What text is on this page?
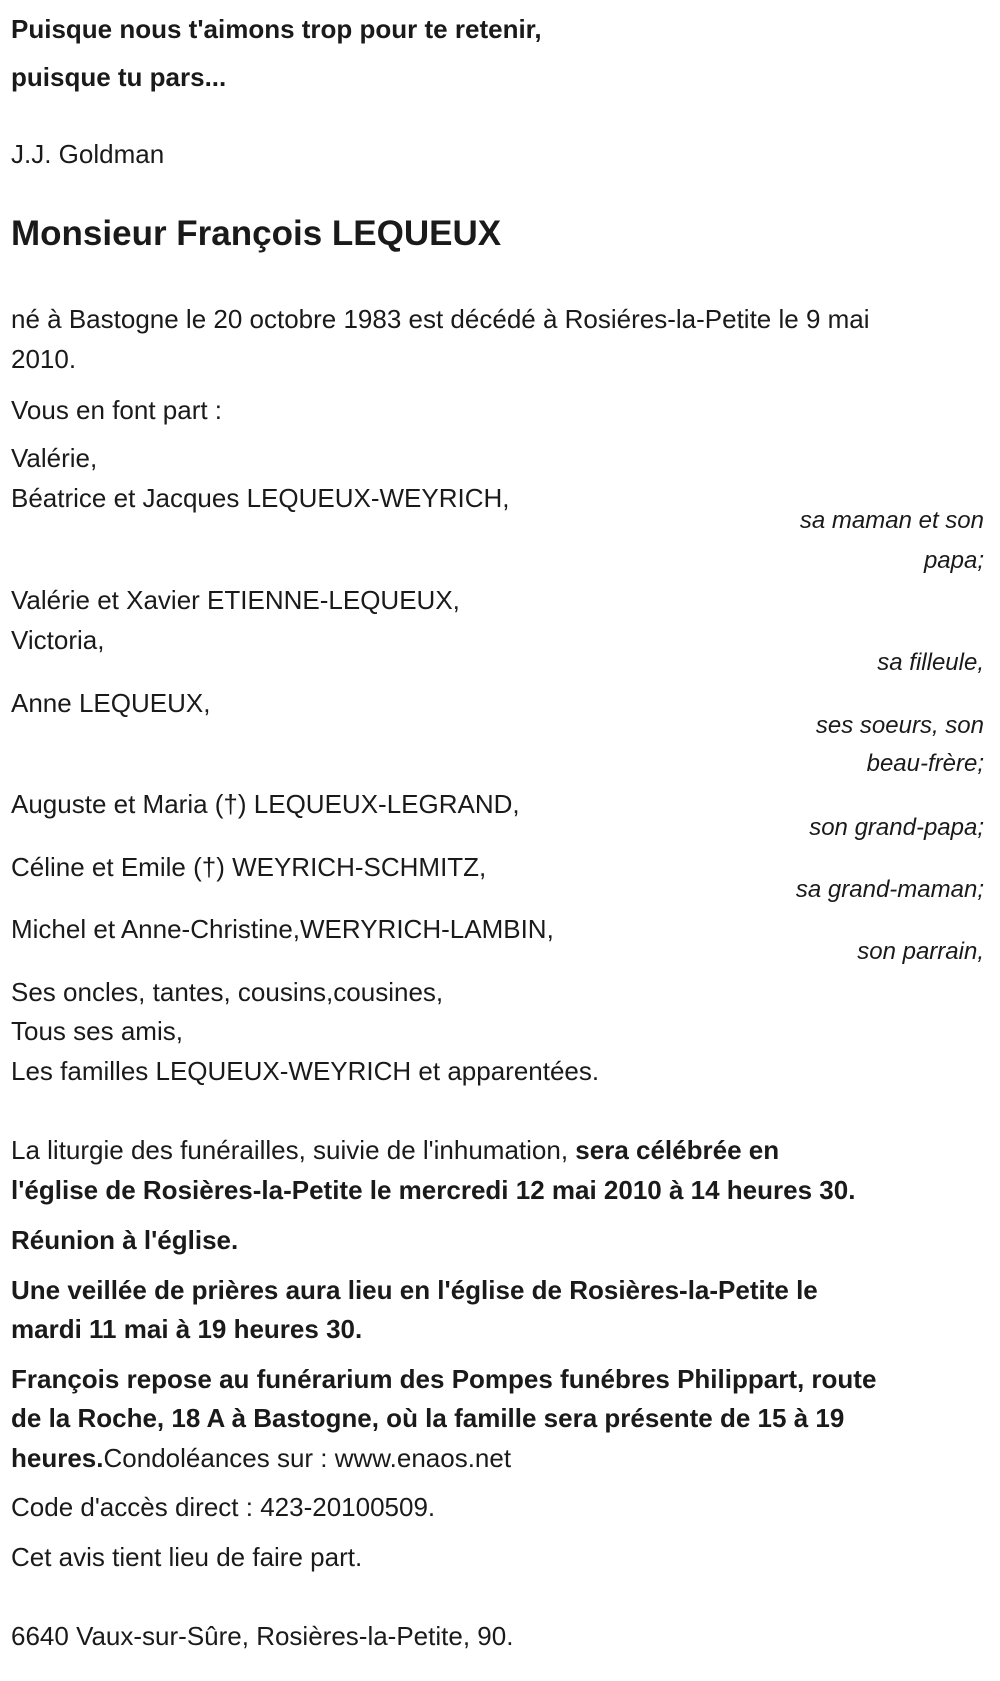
Puisque nous t'aimons trop pour te retenir,
puisque tu pars...
J.J. Goldman
Monsieur François LEQUEUX
né à Bastogne le 20 octobre 1983 est décédé à Rosiéres-la-Petite le 9 mai
2010.
Vous en font part :
Valérie,
Béatrice et Jacques LEQUEUX-WEYRICH,
sa maman et son
papa;
Valérie et Xavier ETIENNE-LEQUEUX,
Victoria,
sa filleule,
Anne LEQUEUX,
ses soeurs, son
beau-frère;
Auguste et Maria (†) LEQUEUX-LEGRAND,
son grand-papa;
Céline et Emile (†) WEYRICH-SCHMITZ,
sa grand-maman;
Michel et Anne-Christine,WERYRICH-LAMBIN,
son parrain,
Ses oncles, tantes, cousins,cousines,
Tous ses amis,
Les familles LEQUEUX-WEYRICH et apparentées.
La liturgie des funérailles, suivie de l'inhumation, sera célébrée en
l'église de Rosières-la-Petite le mercredi 12 mai 2010 à 14 heures 30.
Réunion à l'église.
Une veillée de prières aura lieu en l'église de Rosières-la-Petite le
mardi 11 mai à 19 heures 30.
François repose au funérarium des Pompes funébres Philippart, route
de la Roche, 18 A à Bastogne, où la famille sera présente de 15 à 19
heures.Condoléances sur : www.enaos.net
Code d'accès direct : 423-20100509.
Cet avis tient lieu de faire part.
6640 Vaux-sur-Sûre, Rosières-la-Petite, 90.
